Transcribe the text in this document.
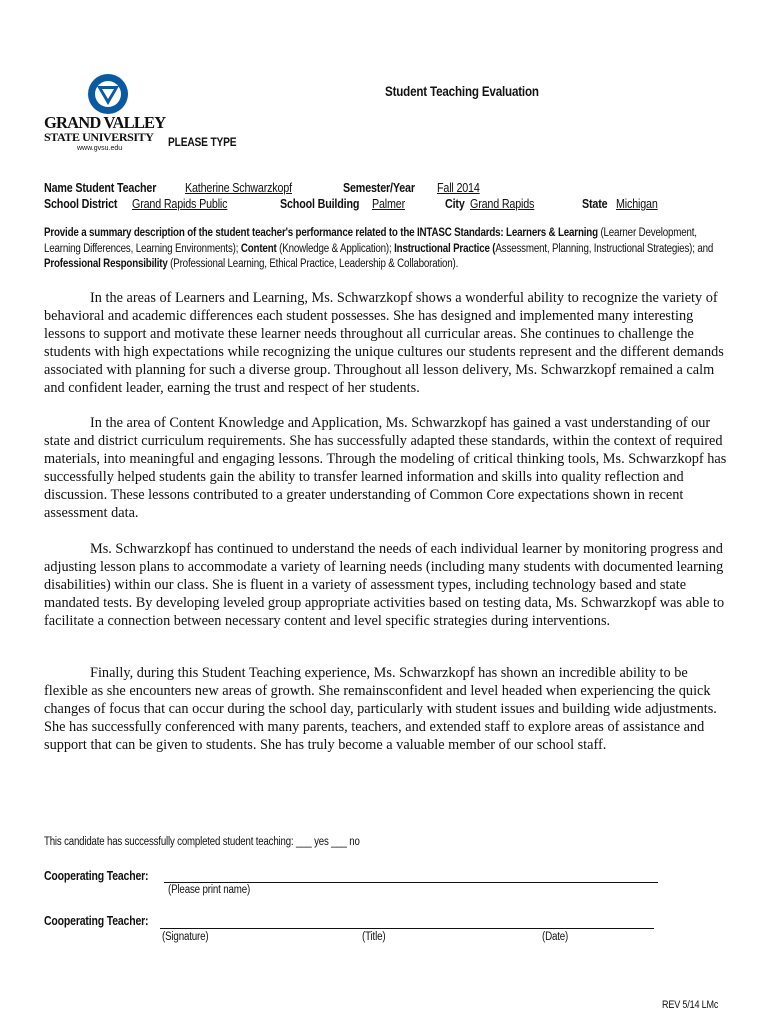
GRAND VALLEY
STATE UNIVERSITY
www.gvsu.edu
Student Teaching Evaluation
PLEASE TYPE
Name Student Teacher Katherine Schwarzkopf	Semester/Year Fall 2014
School District Grand Rapids Public	School Building Palmer	City Grand Rapids	State Michigan
Provide a summary description of the student teacher's performance related to the INTASC Standards: Learners & Learning (Learner Development, Learning Differences, Learning Environments); Content (Knowledge & Application); Instructional Practice (Assessment, Planning, Instructional Strategies); and Professional Responsibility (Professional Learning, Ethical Practice, Leadership & Collaboration).

In the areas of Learners and Learning, Ms. Schwarzkopf shows a wonderful ability to recognize the variety of behavioral and academic differences each student possesses. She has designed and implemented many interesting lessons to support and motivate these learner needs throughout all curricular areas. She continues to challenge the students with high expectations while recognizing the unique cultures our students represent and the different demands associated with planning for such a diverse group. Throughout all lesson delivery, Ms. Schwarzkopf remained a calm and confident leader, earning the trust and respect of her students.

In the area of Content Knowledge and Application, Ms. Schwarzkopf has gained a vast understanding of our state and district curriculum requirements. She has successfully adapted these standards, within the context of required materials, into meaningful and engaging lessons. Through the modeling of critical thinking tools, Ms. Schwarzkopf has successfully helped students gain the ability to transfer learned information and skills into quality reflection and discussion. These lessons contributed to a greater understanding of Common Core expectations shown in recent assessment data.

Ms. Schwarzkopf has continued to understand the needs of each individual learner by monitoring progress and adjusting lesson plans to accommodate a variety of learning needs (including many students with documented learning disabilities) within our class. She is fluent in a variety of assessment types, including technology based and state mandated tests. By developing leveled group appropriate activities based on testing data, Ms. Schwarzkopf was able to facilitate a connection between necessary content and level specific strategies during interventions.

Finally, during this Student Teaching experience, Ms. Schwarzkopf has shown an incredible ability to be flexible as she encounters new areas of growth. She remainsconfident and level headed when experiencing the quick changes of focus that can occur during the school day, particularly with student issues and building wide adjustments. She has successfully conferenced with many parents, teachers, and extended staff to explore areas of assistance and support that can be given to students. She has truly become a valuable member of our school staff.

This candidate has successfully completed student teaching: ___ yes ___ no
Cooperating Teacher:
(Please print name)
Cooperating Teacher:
(Signature)	(Title)	(Date)
REV 5/14 LMc
